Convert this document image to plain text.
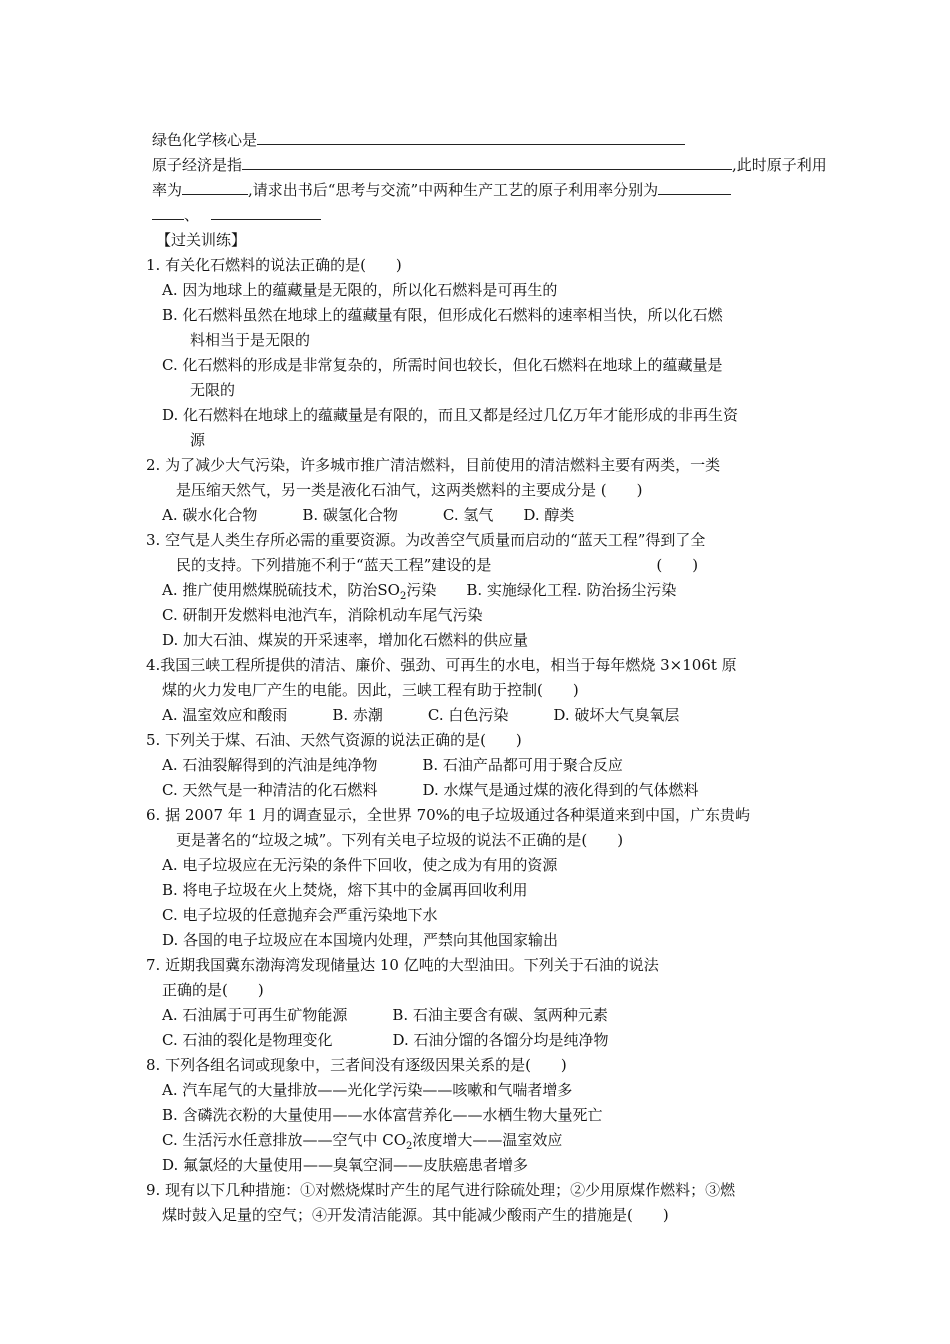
绿色化学核心是
原子经济是指	,此时原子利用
率为	,请求出书后“思考与交流”中两种生产工艺的原子利用率分别为
、
【过关训练】
1. 有关化石燃料的说法正确的是(　　)
A. 因为地球上的蕴藏量是无限的，所以化石燃料是可再生的
B. 化石燃料虽然在地球上的蕴藏量有限，但形成化石燃料的速率相当快，所以化石燃
料相当于是无限的
C. 化石燃料的形成是非常复杂的，所需时间也较长，但化石燃料在地球上的蕴藏量是
无限的
D. 化石燃料在地球上的蕴藏量是有限的，而且又都是经过几亿万年才能形成的非再生资
源
2. 为了减少大气污染，许多城市推广清洁燃料，目前使用的清洁燃料主要有两类，一类
是压缩天然气，另一类是液化石油气，这两类燃料的主要成分是 (　　)
A. 碳水化合物　　　B. 碳氢化合物　　　C. 氢气　　D. 醇类
3. 空气是人类生存所必需的重要资源。为改善空气质量而启动的“蓝天工程”得到了全
民的支持。下列措施不利于“蓝天工程”建设的是　　　　　　　　　　　(　　)
A. 推广使用燃煤脱硫技术，防治$SO_2$污染　　B. 实施绿化工程. 防治扬尘污染
C. 研制开发燃料电池汽车，消除机动车尾气污染
D. 加大石油、煤炭的开采速率，增加化石燃料的供应量
4.我国三峡工程所提供的清洁、廉价、强劲、可再生的水电，相当于每年燃烧 3×106t 原
煤的火力发电厂产生的电能。因此，三峡工程有助于控制(　　)
A. 温室效应和酸雨　　　B. 赤潮　　　C. 白色污染　　　D. 破坏大气臭氧层
5. 下列关于煤、石油、天然气资源的说法正确的是(　　)
A. 石油裂解得到的汽油是纯净物　　　B. 石油产品都可用于聚合反应
C. 天然气是一种清洁的化石燃料　　　D. 水煤气是通过煤的液化得到的气体燃料
6. 据 2007 年 1 月的调查显示，全世界 70%的电子垃圾通过各种渠道来到中国，广东贵屿
更是著名的“垃圾之城”。下列有关电子垃圾的说法不正确的是(　　)
A. 电子垃圾应在无污染的条件下回收，使之成为有用的资源
B. 将电子垃圾在火上焚烧，熔下其中的金属再回收利用
C. 电子垃圾的任意抛弃会严重污染地下水
D. 各国的电子垃圾应在本国境内处理，严禁向其他国家输出
7. 近期我国冀东渤海湾发现储量达 10 亿吨的大型油田。下列关于石油的说法
正确的是(　　)
A. 石油属于可再生矿物能源　　　B. 石油主要含有碳、氢两种元素
C. 石油的裂化是物理变化　　　　D. 石油分馏的各馏分均是纯净物
8. 下列各组名词或现象中，三者间没有逐级因果关系的是(　　)
A. 汽车尾气的大量排放——光化学污染——咳嗽和气喘者增多
B. 含磷洗衣粉的大量使用——水体富营养化——水栖生物大量死亡
C. 生活污水任意排放——空气中 $CO_2$浓度增大——温室效应
D. 氟氯烃的大量使用——臭氧空洞——皮肤癌患者增多
9. 现有以下几种措施：①对燃烧煤时产生的尾气进行除硫处理；②少用原煤作燃料；③燃
煤时鼓入足量的空气；④开发清洁能源。其中能减少酸雨产生的措施是(　　)
